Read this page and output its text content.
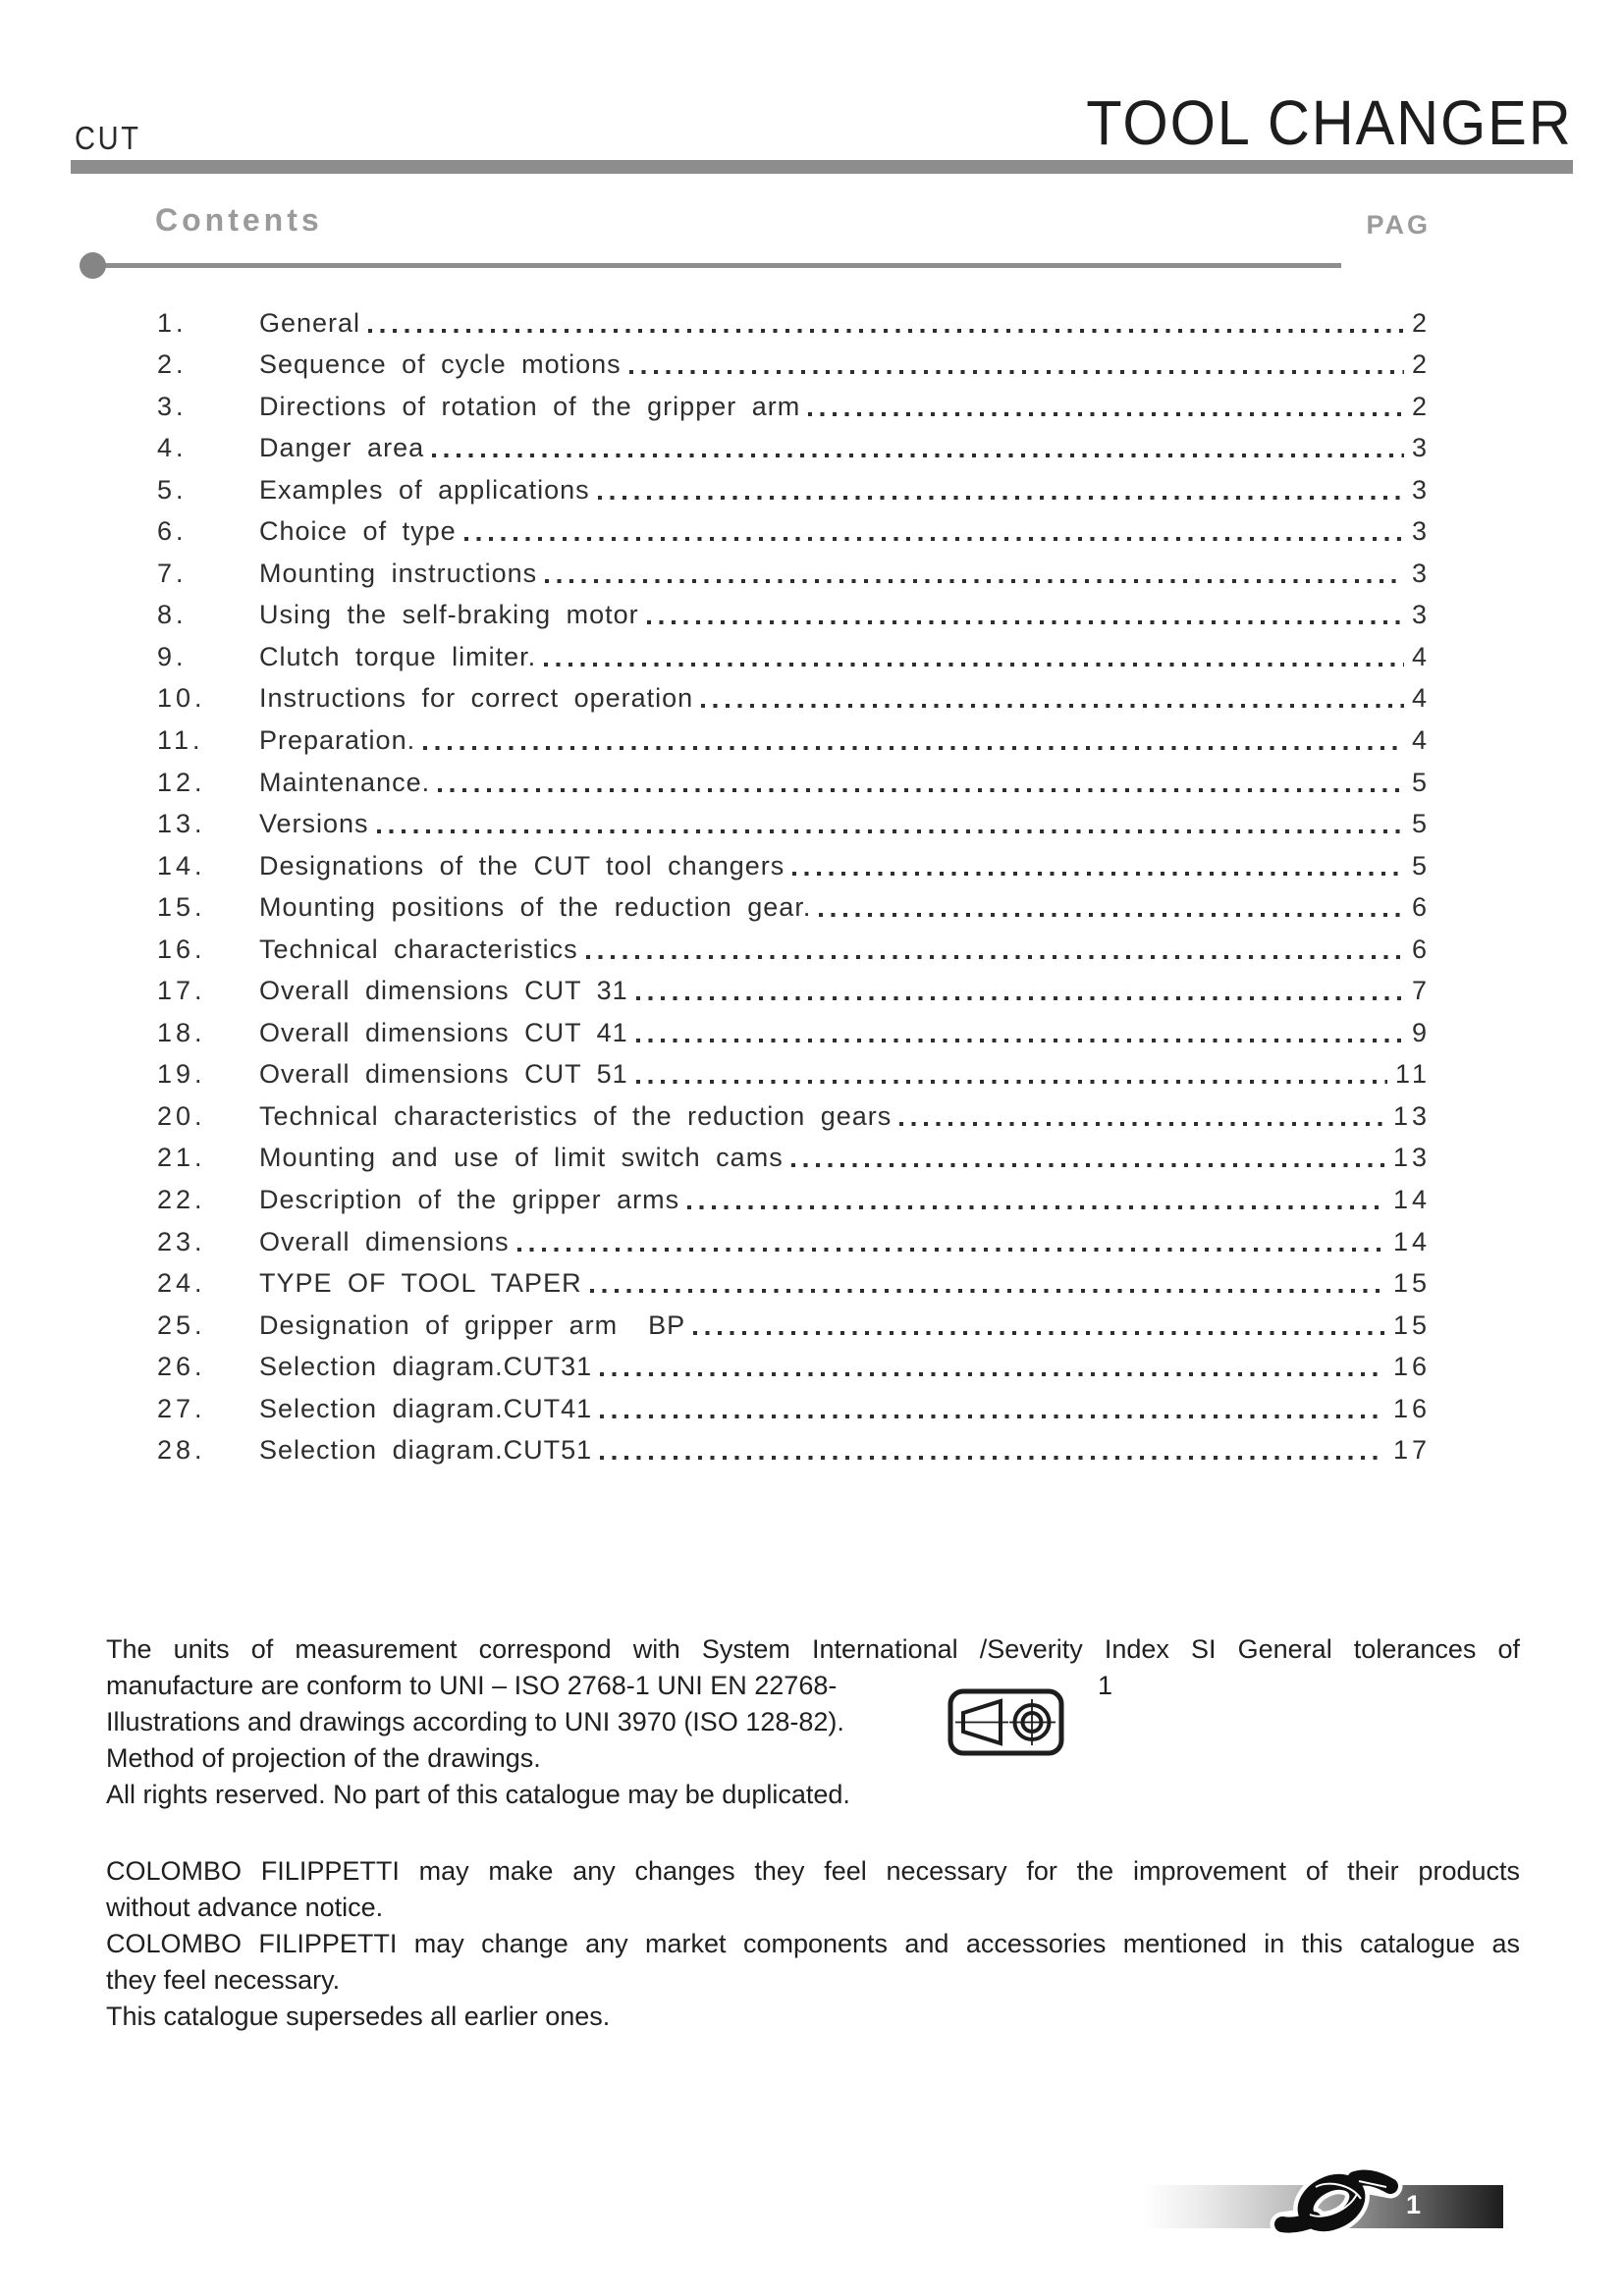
CUT	TOOL CHANGER
Contents	PAG
1.	General	2
2.	Sequence of cycle motions	2
3.	Directions of rotation of the gripper arm	2
4.	Danger area	3
5.	Examples of applications	3
6.	Choice of type	3
7.	Mounting instructions	3
8.	Using the self-braking motor	3
9.	Clutch torque limiter.	4
10.	Instructions for correct operation	4
11.	Preparation.	4
12.	Maintenance.	5
13.	Versions	5
14.	Designations of the CUT tool changers	5
15.	Mounting positions of the reduction gear.	6
16.	Technical characteristics	6
17.	Overall dimensions CUT 31	7
18.	Overall dimensions CUT 41	9
19.	Overall dimensions CUT 51	11
20.	Technical characteristics of the reduction gears	13
21.	Mounting and use of limit switch cams	13
22.	Description of the gripper arms	14
23.	Overall dimensions	14
24.	TYPE OF TOOL TAPER	15
25.	Designation of gripper arm  BP	15
26.	Selection diagram.CUT31	16
27.	Selection diagram.CUT41	16
28.	Selection diagram.CUT51	17
The units of measurement correspond with System International /Severity Index SI General tolerances of
manufacture are conform to UNI – ISO 2768-1 UNI EN 22768-
Illustrations and drawings according to UNI 3970 (ISO 128-82).
Method of projection of the drawings.
All rights reserved. No part of this catalogue may be duplicated.
1
COLOMBO FILIPPETTI may make any changes they feel necessary for the improvement of their products
without advance notice.
COLOMBO FILIPPETTI may change any market components and accessories mentioned in this catalogue as
they feel necessary.
This catalogue supersedes all earlier ones.
1
